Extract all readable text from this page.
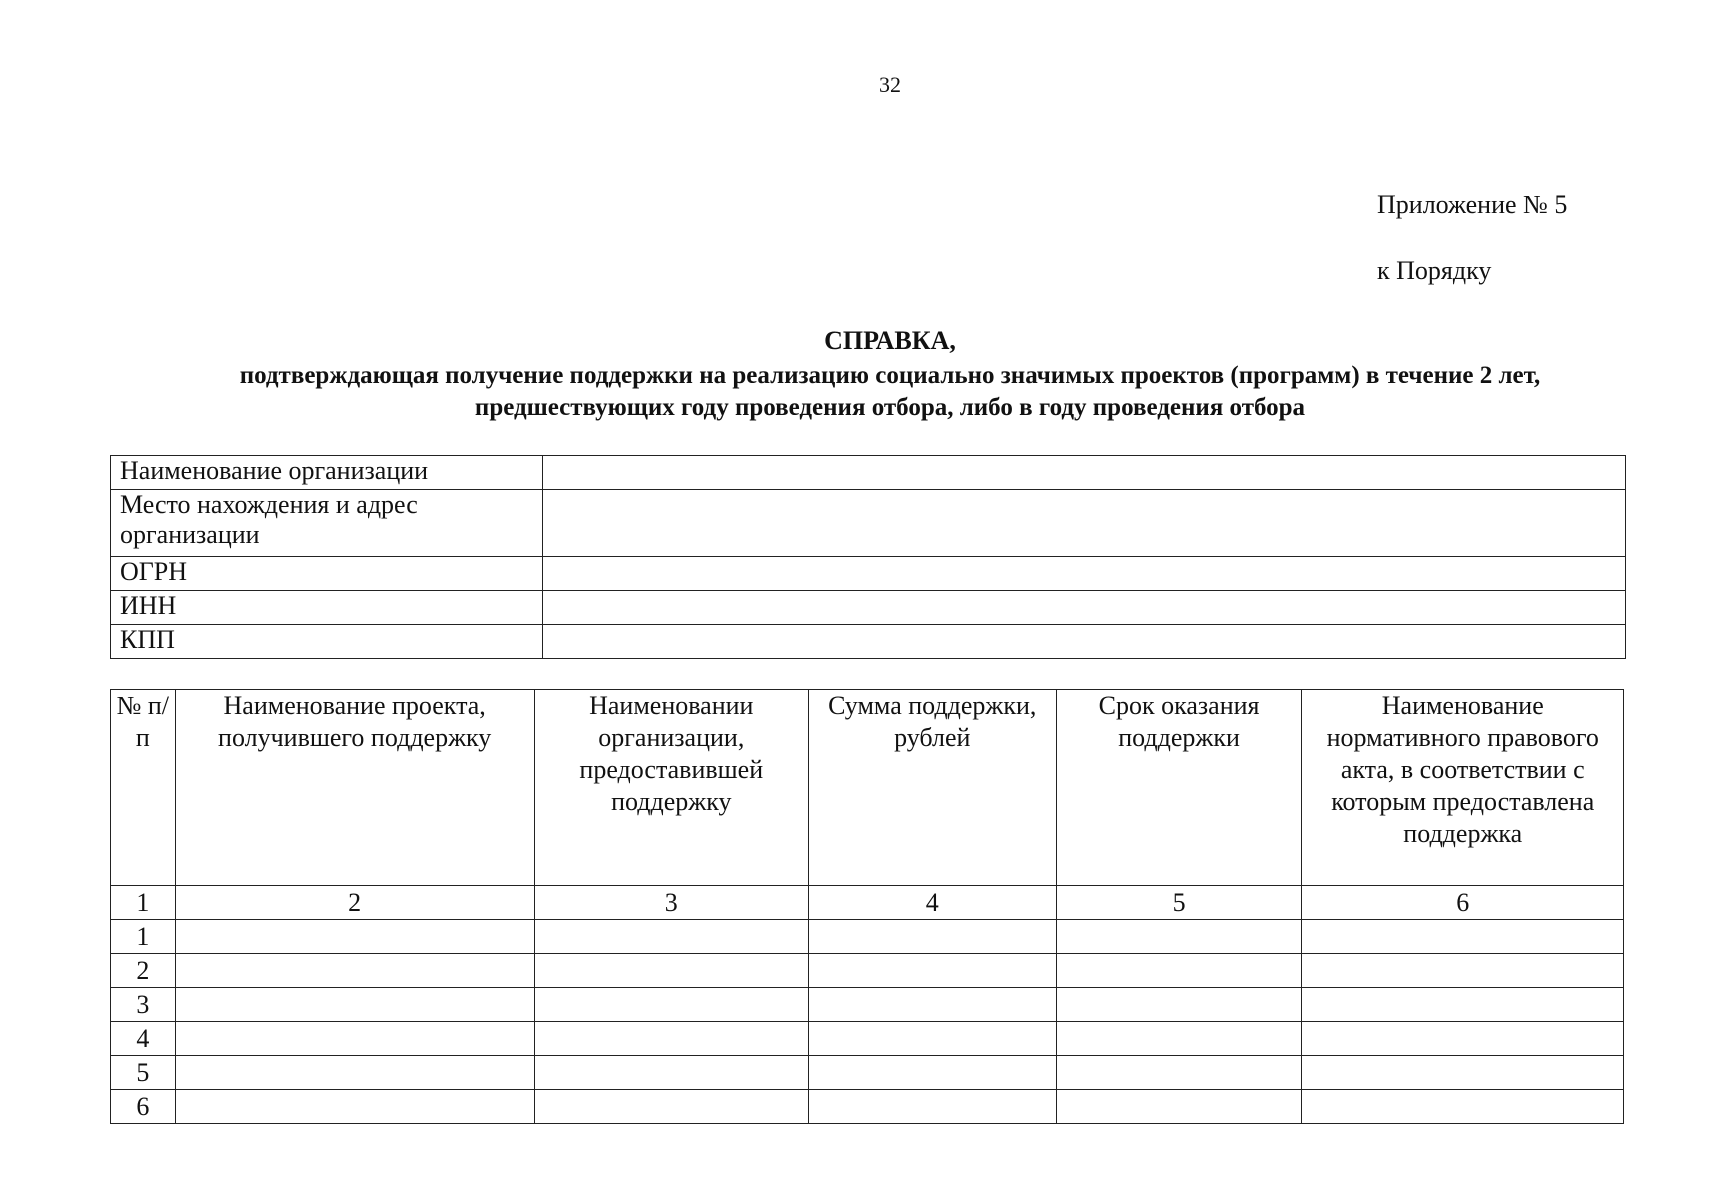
32
Приложение № 5
к Порядку
СПРАВКА,
подтверждающая получение поддержки на реализацию социально значимых проектов (программ) в течение 2 лет,
предшествующих году проведения отбора, либо в году проведения отбора
Наименование организации	
Место нахождения и адрес организации	
ОГРН	
ИНН	
КПП	
№ п/п	Наименование проекта, получившего поддержку	Наименовании организации, предоставившей поддержку	Сумма поддержки, рублей	Срок оказания поддержки	Наименование нормативного правового акта, в соответствии с которым предоставлена поддержка
1	2	3	4	5	6
1					
2					
3					
4					
5					
6					
